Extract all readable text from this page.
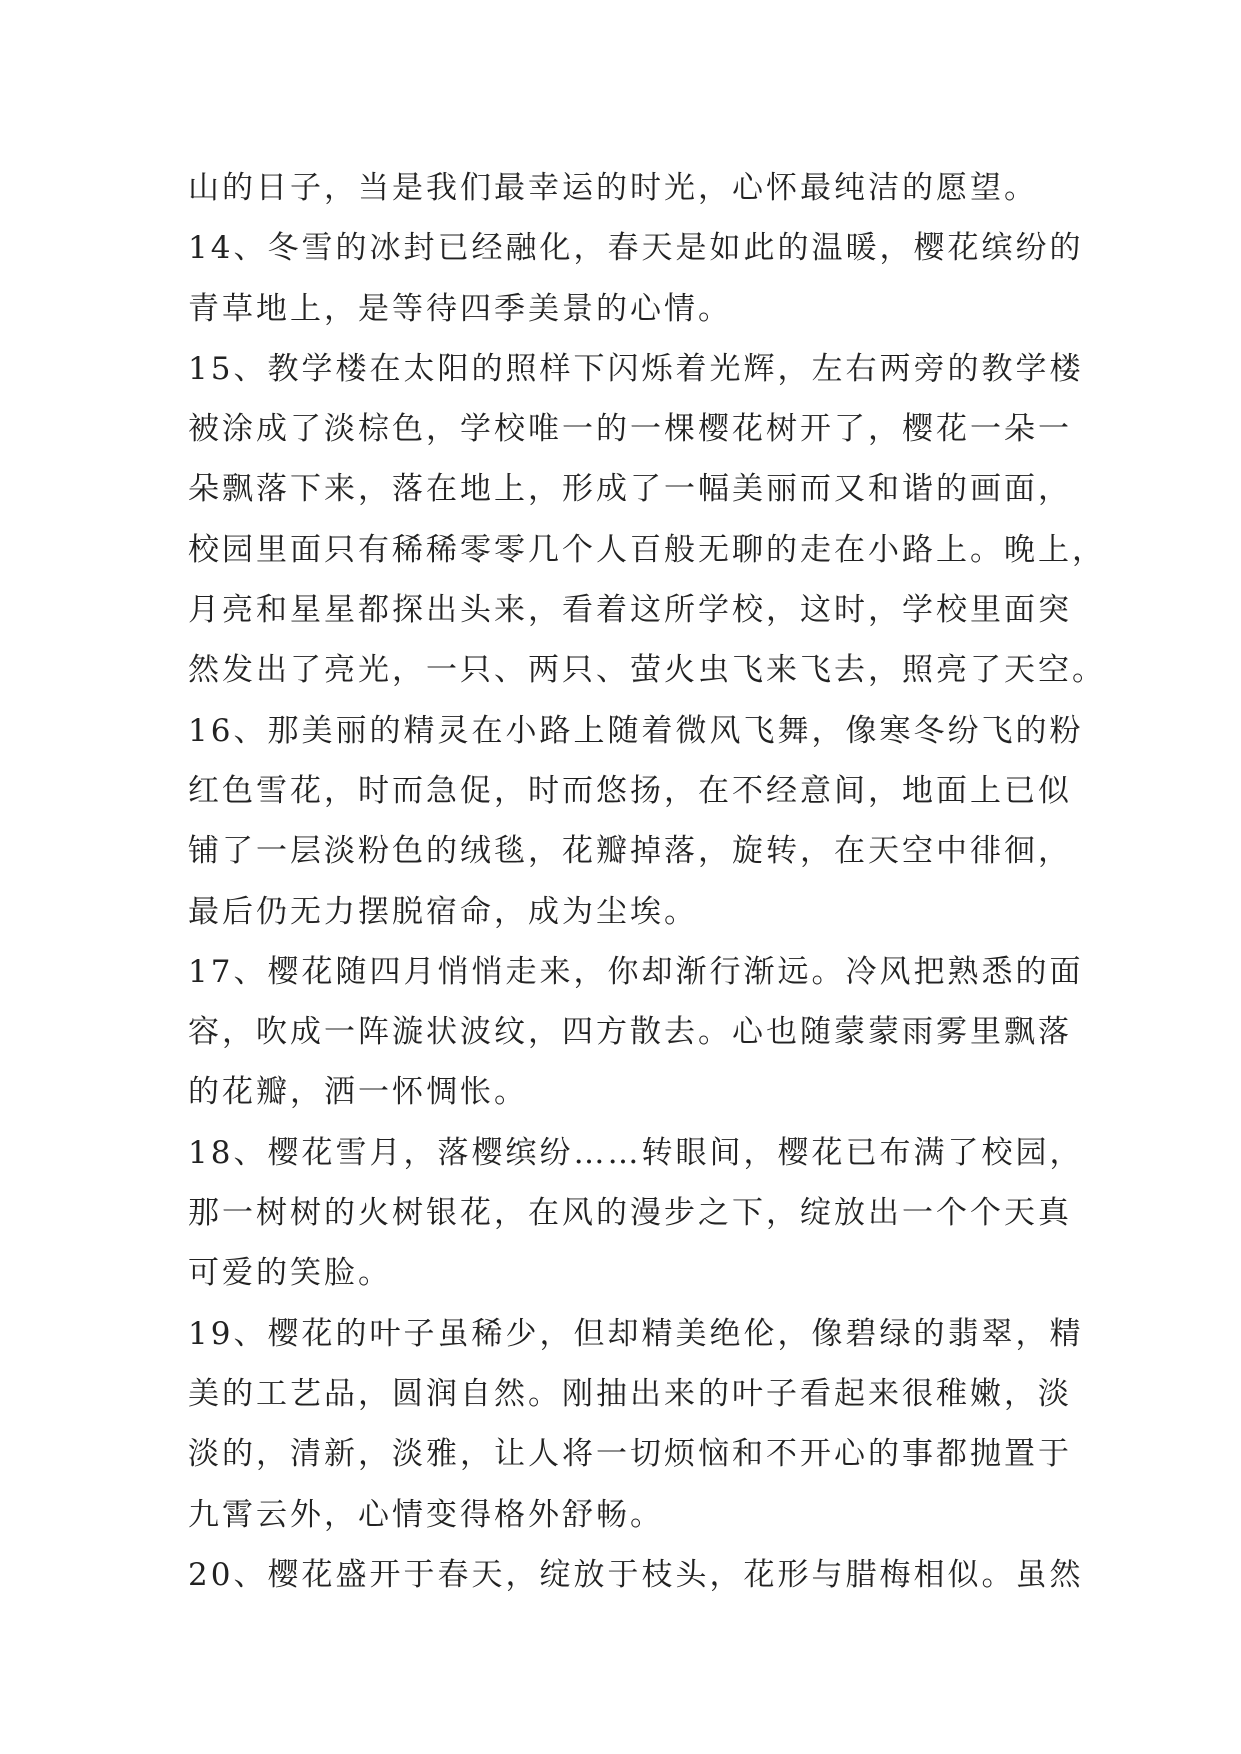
山的日子，当是我们最幸运的时光，心怀最纯洁的愿望。
14、冬雪的冰封已经融化，春天是如此的温暖，樱花缤纷的
青草地上，是等待四季美景的心情。
15、教学楼在太阳的照样下闪烁着光辉，左右两旁的教学楼
被涂成了淡棕色，学校唯一的一棵樱花树开了，樱花一朵一
朵飘落下来，落在地上，形成了一幅美丽而又和谐的画面，
校园里面只有稀稀零零几个人百般无聊的走在小路上。晚上，
月亮和星星都探出头来，看着这所学校，这时，学校里面突
然发出了亮光，一只、两只、萤火虫飞来飞去，照亮了天空。
16、那美丽的精灵在小路上随着微风飞舞，像寒冬纷飞的粉
红色雪花，时而急促，时而悠扬，在不经意间，地面上已似
铺了一层淡粉色的绒毯，花瓣掉落，旋转，在天空中徘徊，
最后仍无力摆脱宿命，成为尘埃。
17、樱花随四月悄悄走来，你却渐行渐远。冷风把熟悉的面
容，吹成一阵漩状波纹，四方散去。心也随蒙蒙雨雾里飘落
的花瓣，洒一怀惆怅。
18、樱花雪月，落樱缤纷……转眼间，樱花已布满了校园，
那一树树的火树银花，在风的漫步之下，绽放出一个个天真
可爱的笑脸。
19、樱花的叶子虽稀少，但却精美绝伦，像碧绿的翡翠，精
美的工艺品，圆润自然。刚抽出来的叶子看起来很稚嫩，淡
淡的，清新，淡雅，让人将一切烦恼和不开心的事都抛置于
九霄云外，心情变得格外舒畅。
20、樱花盛开于春天，绽放于枝头，花形与腊梅相似。虽然
